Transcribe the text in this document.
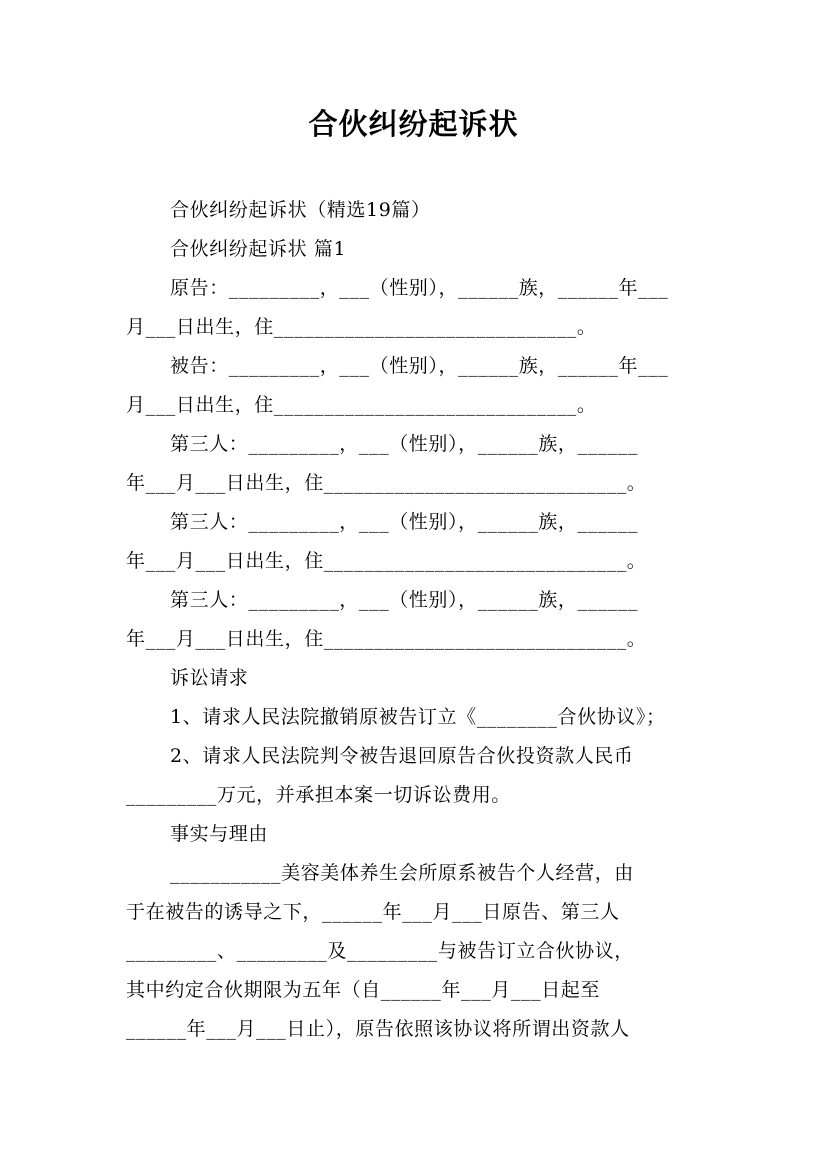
合伙纠纷起诉状
合伙纠纷起诉状（精选19篇）
合伙纠纷起诉状 篇1
原告：_________，___（性别），______族，______年___
月___日出生，住______________________________。
被告：_________，___（性别），______族，______年___
月___日出生，住______________________________。
第三人：_________，___（性别），______族，______
年___月___日出生，住______________________________。
第三人：_________，___（性别），______族，______
年___月___日出生，住______________________________。
第三人：_________，___（性别），______族，______
年___月___日出生，住______________________________。
诉讼请求
1、请求人民法院撤销原被告订立《________合伙协议》；
2、请求人民法院判令被告退回原告合伙投资款人民币
_________万元，并承担本案一切诉讼费用。
事实与理由
___________美容美体养生会所原系被告个人经营，由
于在被告的诱导之下，______年___月___日原告、第三人
_________、_________及_________与被告订立合伙协议，
其中约定合伙期限为五年（自______年___月___日起至
______年___月___日止），原告依照该协议将所谓出资款人
